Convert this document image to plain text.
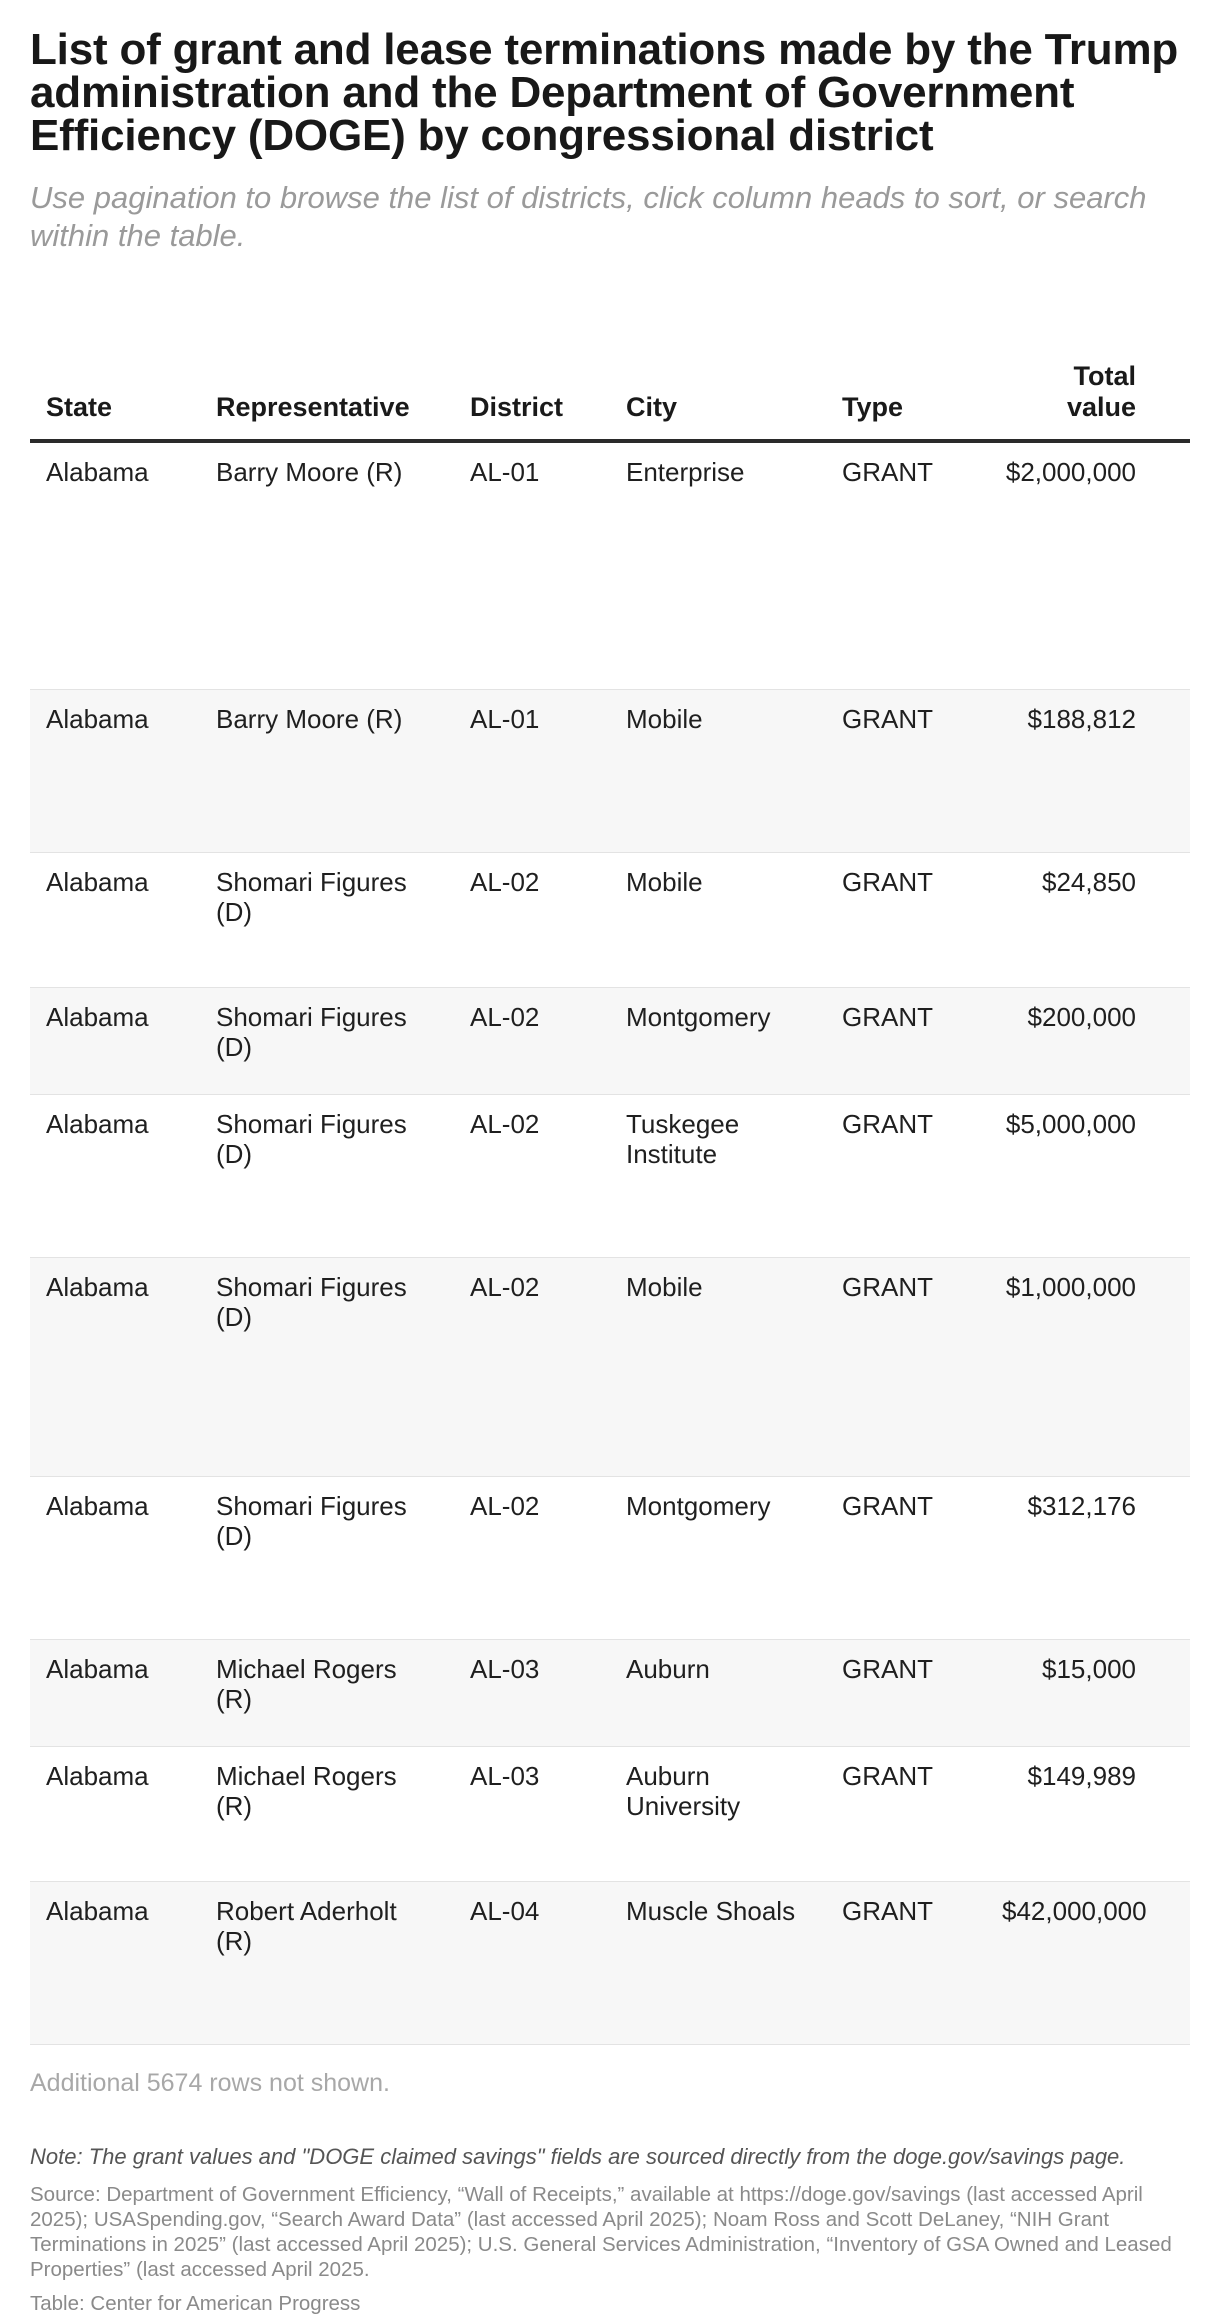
List of grant and lease terminations made by the Trump administration and the Department of Government Efficiency (DOGE) by congressional district

Use pagination to browse the list of districts, click column heads to sort, or search within the table.

State	Representative	District	City	Type	Total value
Alabama	Barry Moore (R)	AL-01	Enterprise	GRANT	$2,000,000
Alabama	Barry Moore (R)	AL-01	Mobile	GRANT	$188,812
Alabama	Shomari Figures (D)	AL-02	Mobile	GRANT	$24,850
Alabama	Shomari Figures (D)	AL-02	Montgomery	GRANT	$200,000
Alabama	Shomari Figures (D)	AL-02	Tuskegee Institute	GRANT	$5,000,000
Alabama	Shomari Figures (D)	AL-02	Mobile	GRANT	$1,000,000
Alabama	Shomari Figures (D)	AL-02	Montgomery	GRANT	$312,176
Alabama	Michael Rogers (R)	AL-03	Auburn	GRANT	$15,000
Alabama	Michael Rogers (R)	AL-03	Auburn University	GRANT	$149,989
Alabama	Robert Aderholt (R)	AL-04	Muscle Shoals	GRANT	$42,000,000

Additional 5674 rows not shown.

Note: The grant values and "DOGE claimed savings" fields are sourced directly from the doge.gov/savings page.

Source: Department of Government Efficiency, “Wall of Receipts,” available at https://doge.gov/savings (last accessed April 2025); USASpending.gov, “Search Award Data” (last accessed April 2025); Noam Ross and Scott DeLaney, “NIH Grant Terminations in 2025” (last accessed April 2025); U.S. General Services Administration, “Inventory of GSA Owned and Leased Properties” (last accessed April 2025.

Table: Center for American Progress
